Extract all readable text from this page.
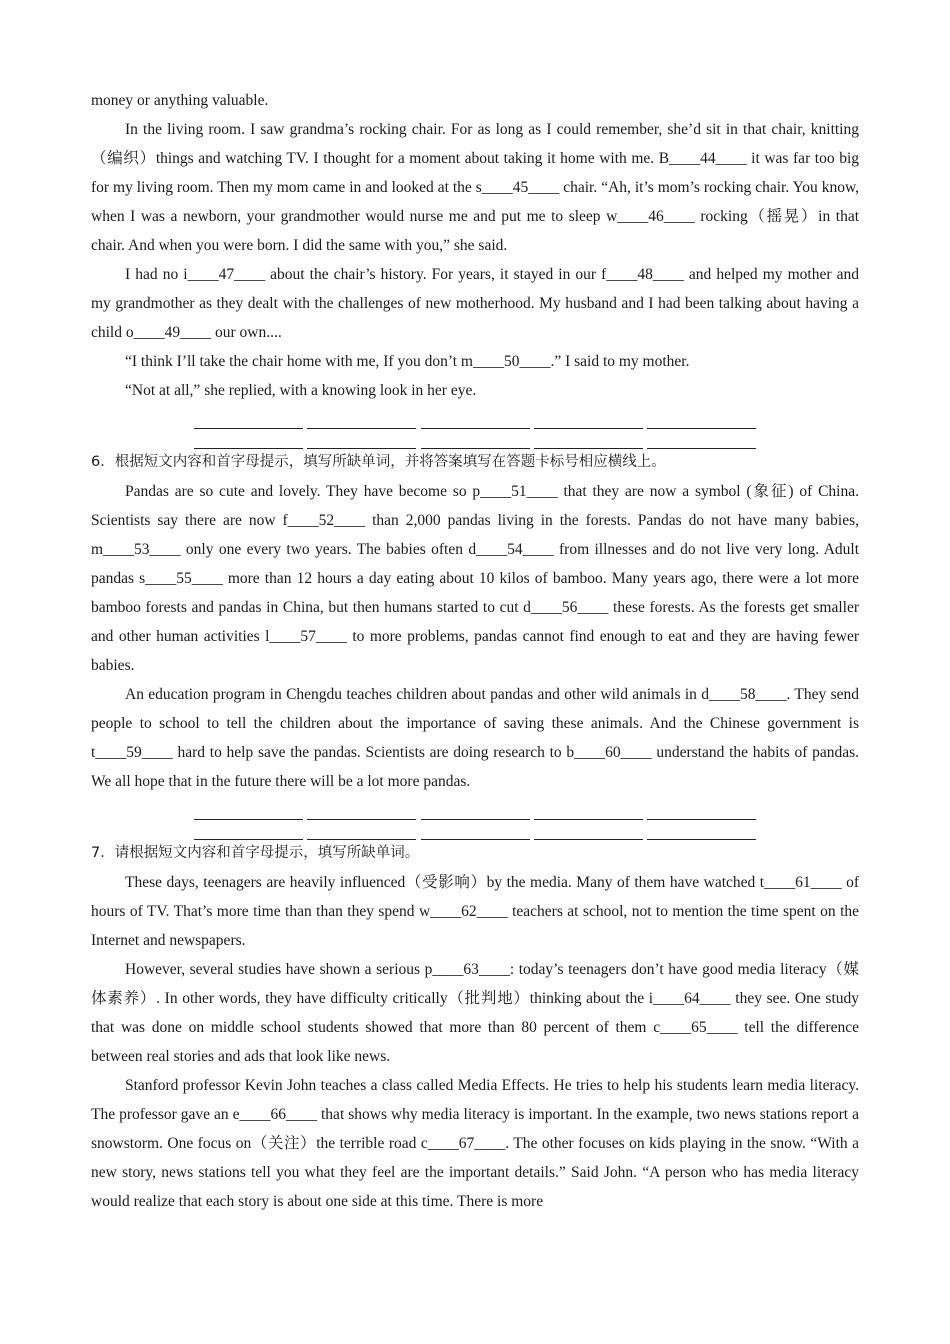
money or anything valuable.

In the living room. I saw grandma’s rocking chair. For as long as I could remember, she’d sit in that chair, knitting（编织）things and watching TV. I thought for a moment about taking it home with me. B____44____ it was far too big for my living room. Then my mom came in and looked at the s____45____ chair. “Ah, it’s mom’s rocking chair. You know, when I was a newborn, your grandmother would nurse me and put me to sleep w____46____ rocking（摇晃）in that chair. And when you were born. I did the same with you,” she said.

I had no i____47____ about the chair’s history. For years, it stayed in our f____48____ and helped my mother and my grandmother as they dealt with the challenges of new motherhood. My husband and I had been talking about having a child o____49____ our own....

“I think I’ll take the chair home with me, If you don’t m____50____.” I said to my mother.

“Not at all,” she replied, with a knowing look in her eye.

6．根据短文内容和首字母提示，填写所缺单词，并将答案填写在答题卡标号相应横线上。

Pandas are so cute and lovely. They have become so p____51____ that they are now a symbol (象征) of China. Scientists say there are now f____52____ than 2,000 pandas living in the forests. Pandas do not have many babies, m____53____ only one every two years. The babies often d____54____ from illnesses and do not live very long. Adult pandas s____55____ more than 12 hours a day eating about 10 kilos of bamboo. Many years ago, there were a lot more bamboo forests and pandas in China, but then humans started to cut d____56____ these forests. As the forests get smaller and other human activities l____57____ to more problems, pandas cannot find enough to eat and they are having fewer babies.

An education program in Chengdu teaches children about pandas and other wild animals in d____58____. They send people to school to tell the children about the importance of saving these animals. And the Chinese government is t____59____ hard to help save the pandas. Scientists are doing research to b____60____ understand the habits of pandas. We all hope that in the future there will be a lot more pandas.

7．请根据短文内容和首字母提示，填写所缺单词。

These days, teenagers are heavily influenced（受影响）by the media. Many of them have watched t____61____ of hours of TV. That’s more time than than they spend w____62____ teachers at school, not to mention the time spent on the Internet and newspapers.

However, several studies have shown a serious p____63____: today’s teenagers don’t have good media literacy（媒体素养）. In other words, they have difficulty critically（批判地）thinking about the i____64____ they see. One study that was done on middle school students showed that more than 80 percent of them c____65____ tell the difference between real stories and ads that look like news.

Stanford professor Kevin John teaches a class called Media Effects. He tries to help his students learn media literacy. The professor gave an e____66____ that shows why media literacy is important. In the example, two news stations report a snowstorm. One focus on（关注）the terrible road c____67____. The other focuses on kids playing in the snow. “With a new story, news stations tell you what they feel are the important details.” Said John. “A person who has media literacy would realize that each story is about one side at this time. There is more
